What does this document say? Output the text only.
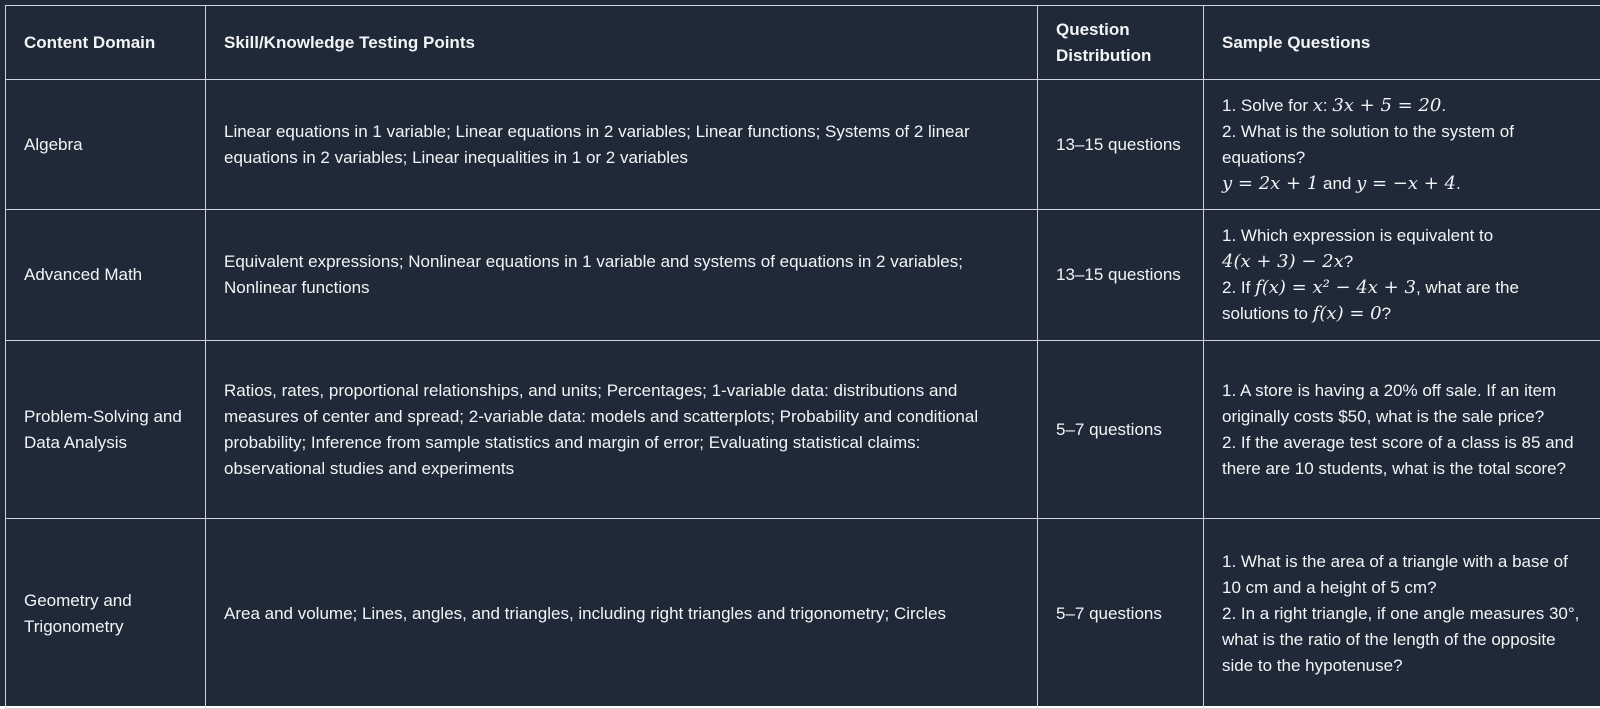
Content Domain	Skill/Knowledge Testing Points	Question Distribution	Sample Questions
Algebra	Linear equations in 1 variable; Linear equations in 2 variables; Linear functions; Systems of 2 linear equations in 2 variables; Linear inequalities in 1 or 2 variables	13–15 questions	1. Solve for x: 3x + 5 = 20.
2. What is the solution to the system of equations?
y = 2x + 1 and y = −x + 4.

Advanced Math	Equivalent expressions; Nonlinear equations in 1 variable and systems of equations in 2 variables; Nonlinear functions	13–15 questions	1. Which expression is equivalent to
4(x + 3) − 2x?
2. If f(x) = x² − 4x + 3, what are the solutions to f(x) = 0?

Problem-Solving and Data Analysis	Ratios, rates, proportional relationships, and units; Percentages; 1-variable data: distributions and measures of center and spread; 2-variable data: models and scatterplots; Probability and conditional probability; Inference from sample statistics and margin of error; Evaluating statistical claims: observational studies and experiments	5–7 questions	1. A store is having a 20% off sale. If an item originally costs $50, what is the sale price?
2. If the average test score of a class is 85 and there are 10 students, what is the total score?

Geometry and Trigonometry	Area and volume; Lines, angles, and triangles, including right triangles and trigonometry; Circles	5–7 questions	1. What is the area of a triangle with a base of 10 cm and a height of 5 cm?
2. In a right triangle, if one angle measures 30°, what is the ratio of the length of the opposite side to the hypotenuse?
